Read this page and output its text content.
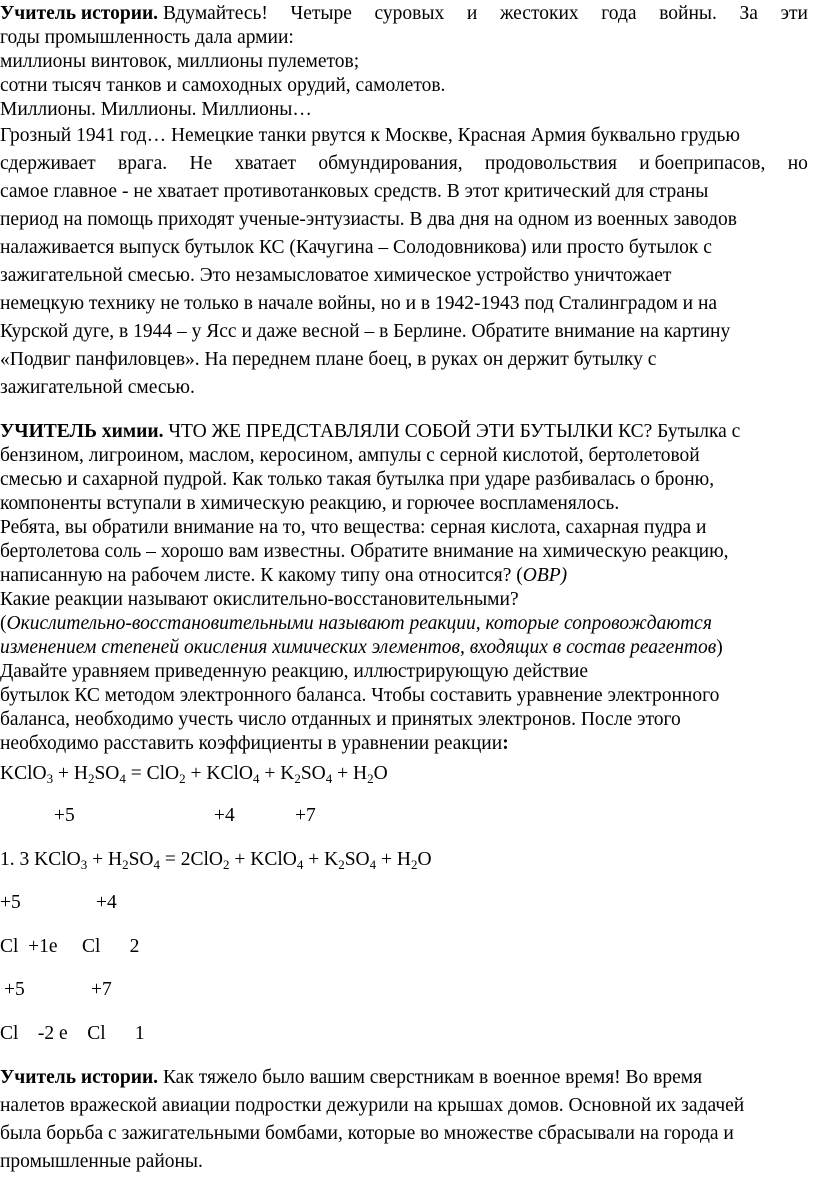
Учитель истории. Вдумайтесь! Четыре суровых и жестоких года войны. За эти
годы промышленность дала армии:
миллионы винтовок, миллионы пулеметов;
сотни тысяч танков и самоходных орудий, самолетов.
Миллионы. Миллионы. Миллионы…
Грозный 1941 год… Немецкие танки рвутся к Москве, Красная Армия буквально грудью
сдерживает врага. Не хватает обмундирования, продовольствия и боеприпасов, но
самое главное - не хватает противотанковых средств. В этот критический для страны
период на помощь приходят ученые-энтузиасты. В два дня на одном из военных заводов
налаживается выпуск бутылок КС (Качугина – Солодовникова) или просто бутылок с
зажигательной смесью. Это незамысловатое химическое устройство уничтожает
немецкую технику не только в начале войны, но и в 1942-1943 под Сталинградом и на
Курской дуге, в 1944 – у Ясс и даже весной – в Берлине. Обратите внимание на картину
«Подвиг панфиловцев». На переднем плане боец, в руках он держит бутылку с
зажигательной смесью.
УЧИТЕЛЬ химии. ЧТО ЖЕ ПРЕДСТАВЛЯЛИ СОБОЙ ЭТИ БУТЫЛКИ КС? Бутылка с
бензином, лигроином, маслом, керосином, ампулы с серной кислотой, бертолетовой
смесью и сахарной пудрой. Как только такая бутылка при ударе разбивалась о броню,
компоненты вступали в химическую реакцию, и горючее воспламенялось.
Ребята, вы обратили внимание на то, что вещества: серная кислота, сахарная пудра и
бертолетова соль – хорошо вам известны. Обратите внимание на химическую реакцию,
написанную на рабочем листе. К какому типу она относится? (ОВР)
Какие реакции называют окислительно-восстановительными?
(Окислительно-восстановительными называют реакции, которые сопровождаются
изменением степеней окисления химических элементов, входящих в состав реагентов)
Давайте уравняем приведенную реакцию, иллюстрирующую действие
бутылок КС методом электронного баланса. Чтобы составить уравнение электронного
баланса, необходимо учесть число отданных и принятых электронов. После этого
необходимо расставить коэффициенты в уравнении реакции:
KClO$_3$ + $H_2SO_4 = ClO_2$ + KClO$_4$ + $K_2SO_4 + H_2O$
+5	+4	+7
1. 3 KClO$_3$ + $H_2SO_4 = 2ClO_2$ + KClO$_4$ + $K_2SO_4 + H_2O$
+5	+4
Cl  +1e     Cl      2
+5	+7
Cl    -2 e    Cl      1
Учитель истории. Как тяжело было вашим сверстникам в военное время! Во время
налетов вражеской авиации подростки дежурили на крышах домов. Основной их задачей
была борьба с зажигательными бомбами, которые во множестве сбрасывали на города и
промышленные районы.
